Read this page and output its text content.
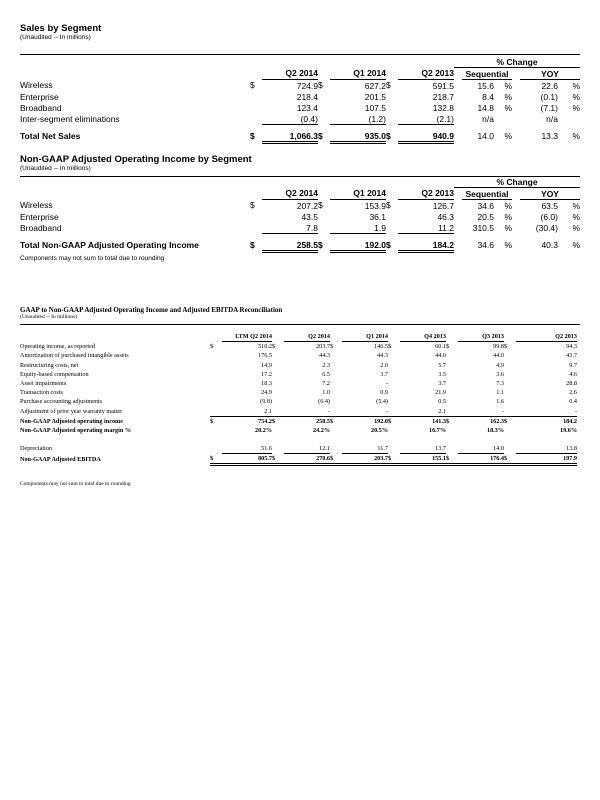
Sales by Segment
(Unaudited -- In millions)
							% Change					
		Q2 2014		Q1 2014		Q2 2013		Sequential			YOY	
Wireless	$	724.9	$	627.2	$	591.5		15.6	%		22.6	%
Enterprise		218.4		201.5		218.7		8.4	%		(0.1)	%
Broadband		123.4		107.5		132.8		14.8	%		(7.1)	%
Inter-segment eliminations		(0.4)		(1.2)		(2.1)		n/a			n/a	

Total Net Sales	$	1,066.3	$	935.0	$	940.9		14.0	%		13.3	%
Non-GAAP Adjusted Operating Income by Segment
(Unaudited -- In millions)
							% Change					
		Q2 2014		Q1 2014		Q2 2013		Sequential			YOY	
Wireless	$	207.2	$	153.9	$	126.7		34.6	%		63.5	%
Enterprise		43.5		36.1		46.3		20.5	%		(6.0)	%
Broadband		7.8		1.9		11.2		310.5	%		(30.4)	%

Total Non-GAAP Adjusted Operating Income	$	258.5	$	192.0	$	184.2		34.6	%		40.3	%
Components may not sum to total due to rounding
GAAP to Non-GAAP Adjusted Operating Income and Adjusted EBITDA Reconciliation
(Unaudited -- In millions)
		LTM Q2 2014		Q2 2014		Q1 2014		Q4 2013		Q3 2013		Q2 2013
Operating income, as reported	$	510.2	$	203.7	$	146.5	$	60.1	$	99.8	$	94.3
Amortization of purchased intangible assets		176.5		44.3		44.3		44.0		44.0		43.7
Restructuring costs, net		14.9		2.3		2.0		5.7		4.9		9.7
Equity-based compensation		17.2		6.5		3.7		3.5		3.6		4.6
Asset impairments		18.3		7.2		-		3.7		7.3		28.8
Transaction costs		24.9		1.0		0.9		21.9		1.1		2.6
Purchase accounting adjustments		(9.8)		(6.4)		(5.4)		0.5		1.6		0.4
Adjustment of prior year warranty matter		2.1		-		-		2.1		-		-
Non-GAAP Adjusted operating income	$	754.2	$	258.5	$	192.0	$	141.3	$	162.3	$	184.2
Non-GAAP Adjusted operating margin %		20.2%		24.2%		20.5%		16.7%		18.3%		19.6%

Depreciation		51.6		12.1		11.7		13.7		14.0		13.8
Non-GAAP Adjusted EBITDA	$	805.7	$	270.6	$	203.7	$	155.1	$	176.4	$	197.9
Components may not sum to total due to rounding
